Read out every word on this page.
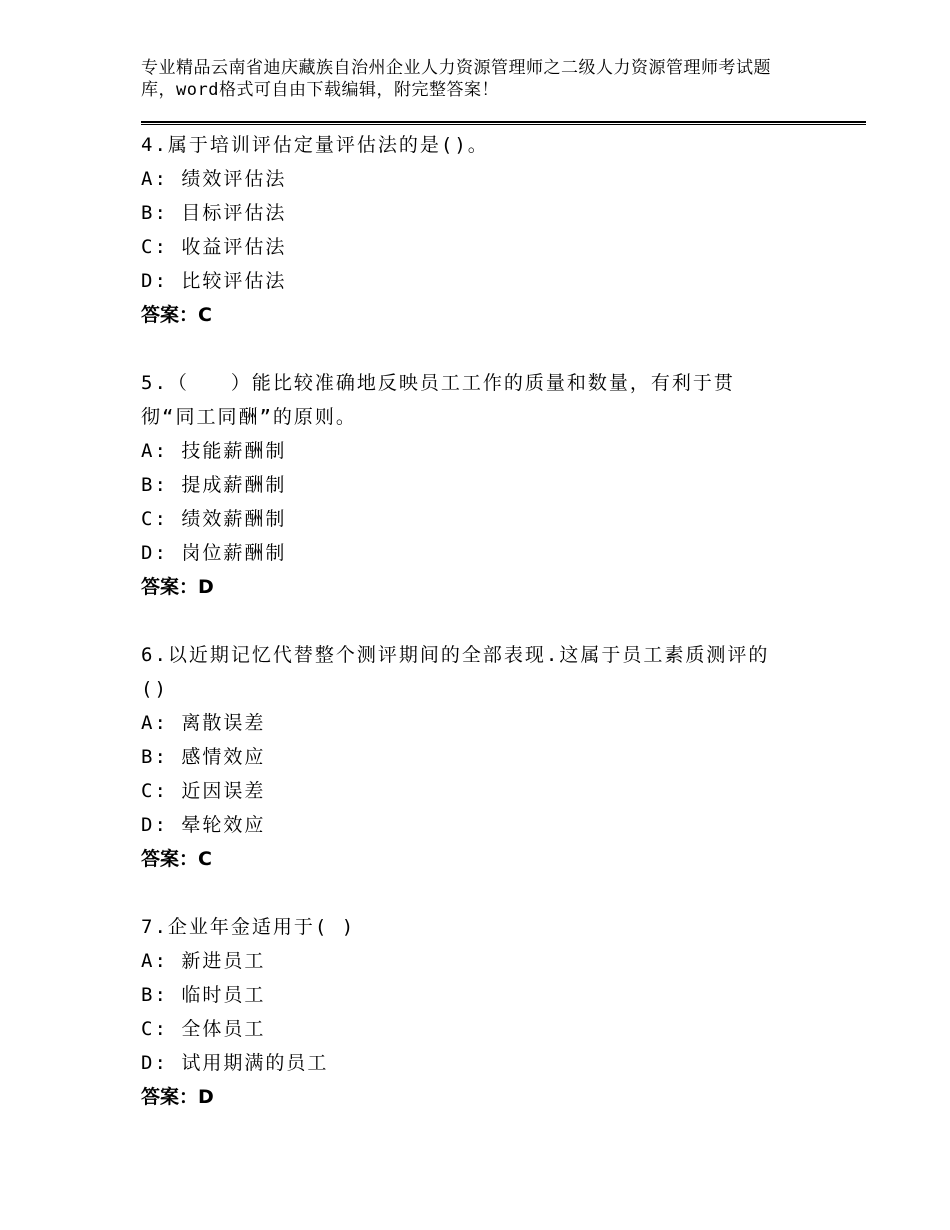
专业精品云南省迪庆藏族自治州企业人力资源管理师之二级人力资源管理师考试题
库，word格式可自由下载编辑，附完整答案！
4.属于培训评估定量评估法的是()。
A: 绩效评估法
B: 目标评估法
C: 收益评估法
D: 比较评估法
答案：C
5.（　　）能比较准确地反映员工工作的质量和数量，有利于贯
彻“同工同酬”的原则。
A: 技能薪酬制
B: 提成薪酬制
C: 绩效薪酬制
D: 岗位薪酬制
答案：D
6.以近期记忆代替整个测评期间的全部表现.这属于员工素质测评的
()
A: 离散误差
B: 感情效应
C: 近因误差
D: 晕轮效应
答案：C
7.企业年金适用于( )
A: 新进员工
B: 临时员工
C: 全体员工
D: 试用期满的员工
答案：D
